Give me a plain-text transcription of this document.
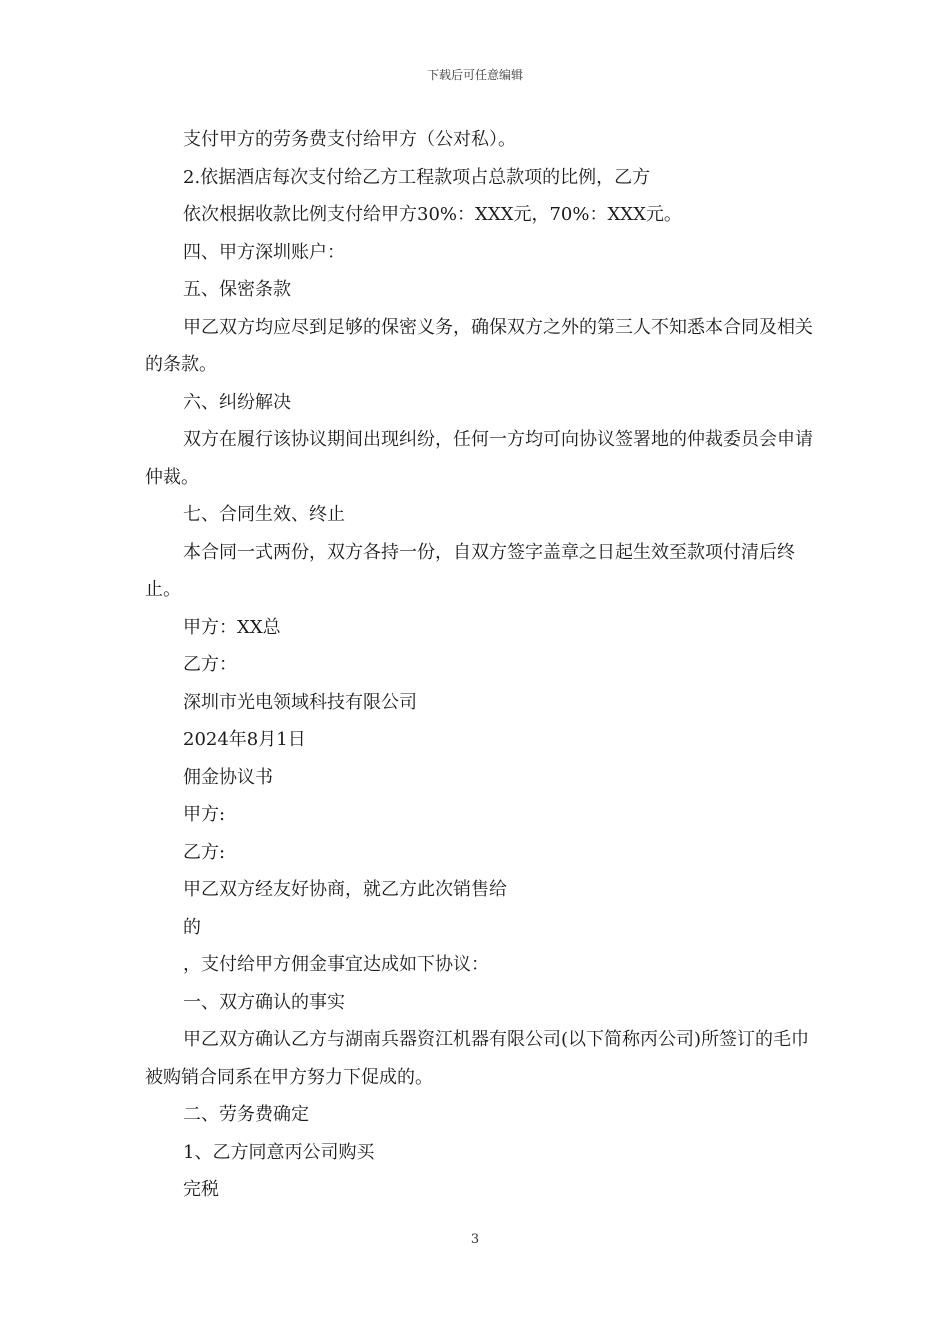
下载后可任意编辑
支付甲方的劳务费支付给甲方（公对私）。
2.依据酒店每次支付给乙方工程款项占总款项的比例，乙方
依次根据收款比例支付给甲方30%：XXX元，70%：XXX元。
四、甲方深圳账户：
五、保密条款
甲乙双方均应尽到足够的保密义务，确保双方之外的第三人不知悉本合同及相关的条款。
六、纠纷解决
双方在履行该协议期间出现纠纷，任何一方均可向协议签署地的仲裁委员会申请仲裁。
七、合同生效、终止
本合同一式两份，双方各持一份，自双方签字盖章之日起生效至款项付清后终止。
甲方：XX总
乙方：
深圳市光电领域科技有限公司
2024年8月1日
佣金协议书
甲方:
乙方:
甲乙双方经友好协商，就乙方此次销售给
的
，支付给甲方佣金事宜达成如下协议：
一、双方确认的事实
甲乙双方确认乙方与湖南兵器资江机器有限公司(以下简称丙公司)所签订的毛巾被购销合同系在甲方努力下促成的。
二、劳务费确定
1、乙方同意丙公司购买
完税
3
